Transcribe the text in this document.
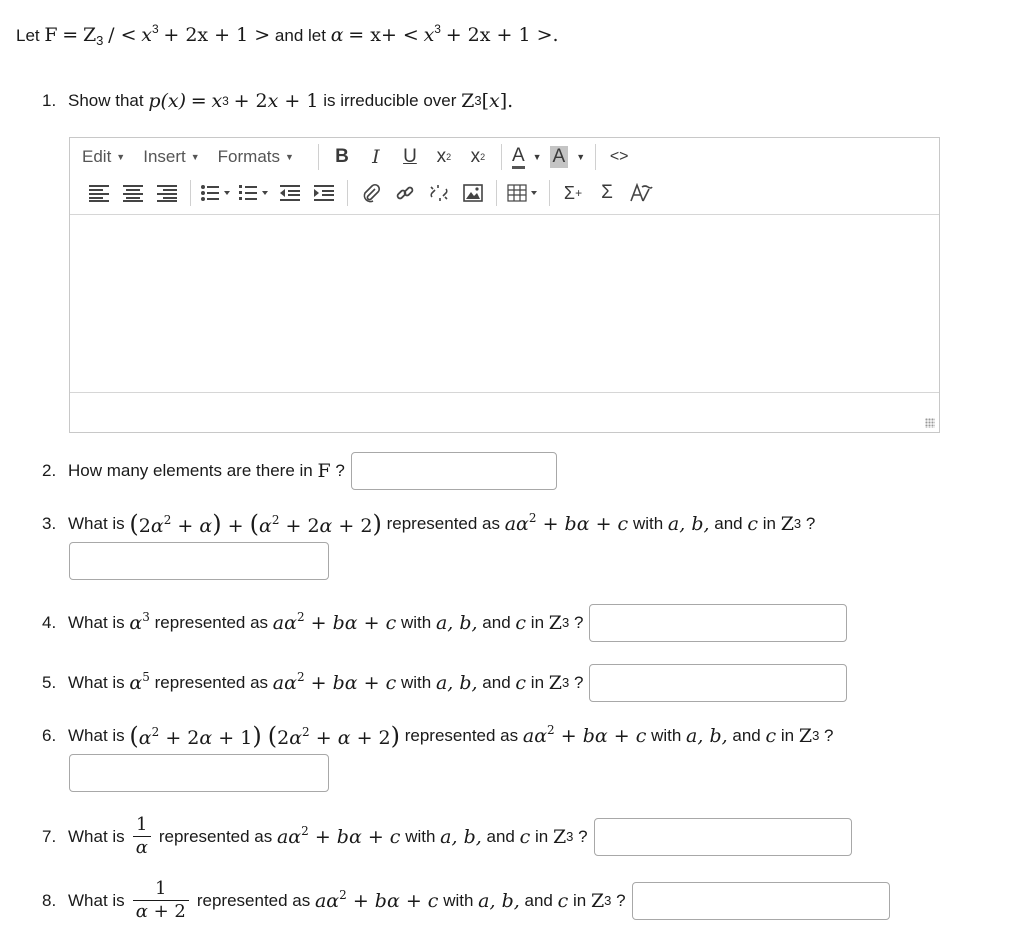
Let $F = Z_3$ / < $x^3 + 2x + 1$ > and let $\alpha = x+ < x^3 + 2x + 1$ >.
1. Show that
p(x)
=
x 3
+ 2x + 1
is irreducible over
Z 3 [x].
Edit ▼ Insert ▼ Formats ▼	B	I	U	x 2	x 2 A ▼ A	▼ <>
Σ +	Σ
2. How many elements are there in
F
?
3. What is
$(2\alpha^2 + \alpha) + (\alpha^2 + 2\alpha + 2)$
represented as
$a\alpha^2 + b\alpha + c$
with
a, b,
and
c
in
Z 3
?
4. What is
$\alpha^3$
represented as
$a\alpha^2 + b\alpha + c$
with
a, b,
and
c
in
Z 3
?
5. What is
$\alpha^5$
represented as
$a\alpha^2 + b\alpha + c$
with
a, b,
and
c
in
Z 3
?
6. What is
$(\alpha^2 + 2\alpha + 1) (2\alpha^2 + \alpha + 2)$
represented as
$a\alpha^2 + b\alpha + c$
with
a, b,
and
c
in
Z 3
?
7. What is $\frac{1}{\alpha}$ represented as
$a\alpha^2 + b\alpha + c$
with
a, b,
and
c
in
Z 3
?
8. What is $\frac{1}{\alpha + 2}$ represented as
$a\alpha^2 + b\alpha + c$
with
a, b,
and
c
in
Z 3
?
